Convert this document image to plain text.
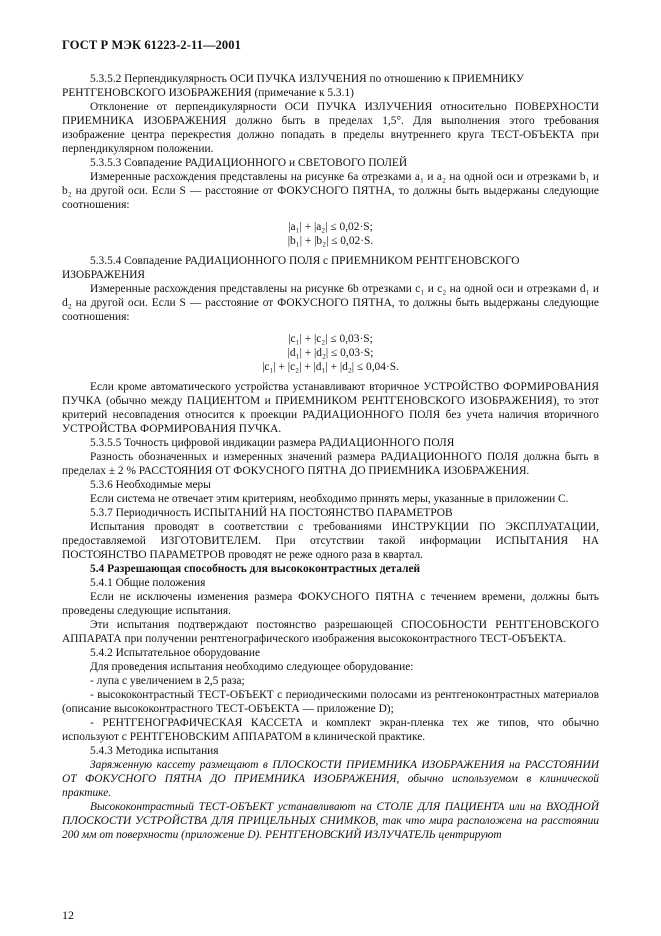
ГОСТ Р МЭК 61223-2-11—2001

5.3.5.2 Перпендикулярность ОСИ ПУЧКА ИЗЛУЧЕНИЯ по отношению к ПРИЕМНИКУ РЕНТГЕНОВСКОГО ИЗОБРАЖЕНИЯ (примечание к 5.3.1)

Отклонение от перпендикулярности ОСИ ПУЧКА ИЗЛУЧЕНИЯ относительно ПОВЕРХНОСТИ ПРИЕМНИКА ИЗОБРАЖЕНИЯ должно быть в пределах 1,5°. Для выполнения этого требования изображение центра перекрестия должно попадать в пределы внутреннего круга ТЕСТ-ОБЪЕКТА при перпендикулярном положении.

5.3.5.3 Совпадение РАДИАЦИОННОГО и СВЕТОВОГО ПОЛЕЙ

Измеренные расхождения представлены на рисунке 6а отрезками a₁ и a₂ на одной оси и отрезками b₁ и b₂ на другой оси. Если S — расстояние от ФОКУСНОГО ПЯТНА, то должны быть выдержаны следующие соотношения:

|a₁| + |a₂| ≤ 0,02·S;

|b₁| + |b₂| ≤ 0,02·S.

5.3.5.4 Совпадение РАДИАЦИОННОГО ПОЛЯ с ПРИЕМНИКОМ РЕНТГЕНОВСКОГО ИЗОБРАЖЕНИЯ

Измеренные расхождения представлены на рисунке 6b отрезками c₁ и c₂ на одной оси и отрезками d₁ и d₂ на другой оси. Если S — расстояние от ФОКУСНОГО ПЯТНА, то должны быть выдержаны следующие соотношения:

|c₁| + |c₂| ≤ 0,03·S;

|d₁| + |d₂| ≤ 0,03·S;

|c₁| + |c₂| + |d₁| + |d₂| ≤ 0,04·S.

Если кроме автоматического устройства устанавливают вторичное УСТРОЙСТВО ФОРМИРОВАНИЯ ПУЧКА (обычно между ПАЦИЕНТОМ и ПРИЕМНИКОМ РЕНТГЕНОВСКОГО ИЗОБРАЖЕНИЯ), то этот критерий несовпадения относится к проекции РАДИАЦИОННОГО ПОЛЯ без учета наличия вторичного УСТРОЙСТВА ФОРМИРОВАНИЯ ПУЧКА.

5.3.5.5 Точность цифровой индикации размера РАДИАЦИОННОГО ПОЛЯ

Разность обозначенных и измеренных значений размера РАДИАЦИОННОГО ПОЛЯ должна быть в пределах ± 2 % РАССТОЯНИЯ ОТ ФОКУСНОГО ПЯТНА ДО ПРИЕМНИКА ИЗОБРАЖЕНИЯ.

5.3.6 Необходимые меры

Если система не отвечает этим критериям, необходимо принять меры, указанные в приложении С.

5.3.7 Периодичность ИСПЫТАНИЙ НА ПОСТОЯНСТВО ПАРАМЕТРОВ

Испытания проводят в соответствии с требованиями ИНСТРУКЦИИ ПО ЭКСПЛУАТАЦИИ, предоставляемой ИЗГОТОВИТЕЛЕМ. При отсутствии такой информации ИСПЫТАНИЯ НА ПОСТОЯНСТВО ПАРАМЕТРОВ проводят не реже одного раза в квартал.

5.4 Разрешающая способность для высококонтрастных деталей

5.4.1 Общие положения

Если не исключены изменения размера ФОКУСНОГО ПЯТНА с течением времени, должны быть проведены следующие испытания.

Эти испытания подтверждают постоянство разрешающей СПОСОБНОСТИ РЕНТГЕНОВСКОГО АППАРАТА при получении рентгенографического изображения высококонтрастного ТЕСТ-ОБЪЕКТА.

5.4.2 Испытательное оборудование

Для проведения испытания необходимо следующее оборудование:

- лупа с увеличением в 2,5 раза;

- высококонтрастный ТЕСТ-ОБЪЕКТ с периодическими полосами из рентгеноконтрастных материалов (описание высококонтрастного ТЕСТ-ОБЪЕКТА — приложение D);

- РЕНТГЕНОГРАФИЧЕСКАЯ КАССЕТА и комплект экран-пленка тех же типов, что обычно используют с РЕНТГЕНОВСКИМ АППАРАТОМ в клинической практике.

5.4.3 Методика испытания

Заряженную кассету размещают в ПЛОСКОСТИ ПРИЕМНИКА ИЗОБРАЖЕНИЯ на РАССТОЯНИИ ОТ ФОКУСНОГО ПЯТНА ДО ПРИЕМНИКА ИЗОБРАЖЕНИЯ, обычно используемом в клинической практике.

Высококонтрастный ТЕСТ-ОБЪЕКТ устанавливают на СТОЛЕ ДЛЯ ПАЦИЕНТА или на ВХОДНОЙ ПЛОСКОСТИ УСТРОЙСТВА ДЛЯ ПРИЦЕЛЬНЫХ СНИМКОВ, так что мира расположена на расстоянии 200 мм от поверхности (приложение D). РЕНТГЕНОВСКИЙ ИЗЛУЧАТЕЛЬ центрируют

12
